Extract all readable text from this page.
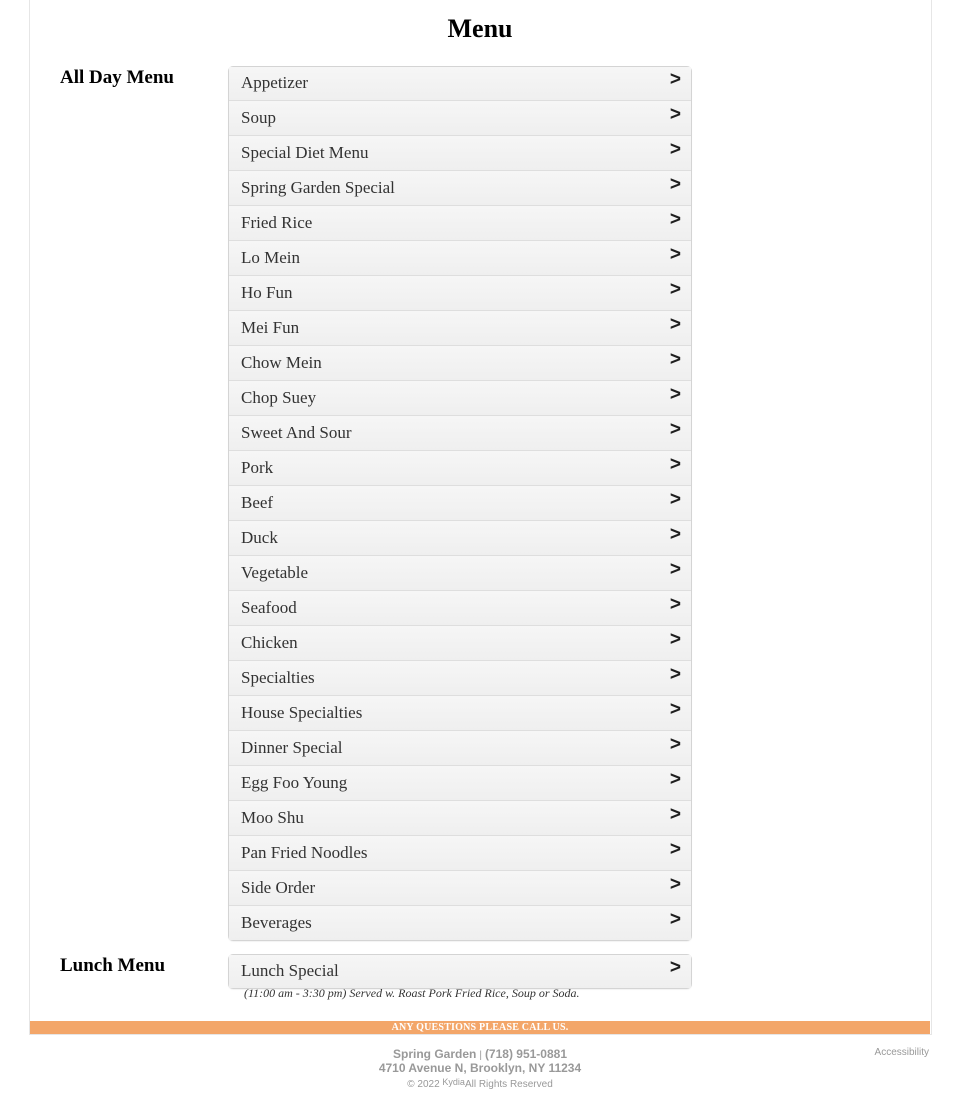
Menu
All Day Menu	Appetizer	>
Soup	>
Special Diet Menu	>
Spring Garden Special	>
Fried Rice	>
Lo Mein	>
Ho Fun	>
Mei Fun	>
Chow Mein	>
Chop Suey	>
Sweet And Sour	>
Pork	>
Beef	>
Duck	>
Vegetable	>
Seafood	>
Chicken	>
Specialties	>
House Specialties	>
Dinner Special	>
Egg Foo Young	>
Moo Shu	>
Pan Fried Noodles	>
Side Order	>
Beverages	>
Lunch Menu	Lunch Special
(11:00 am - 3:30 pm) Served w. Roast Pork Fried Rice, Soup or Soda.
>
ANY QUESTIONS PLEASE CALL US.
Spring Garden | (718) 951-0881
4710 Avenue N, Brooklyn, NY 11234
© 2022 KydiaAll Rights Reserved
Accessibility
